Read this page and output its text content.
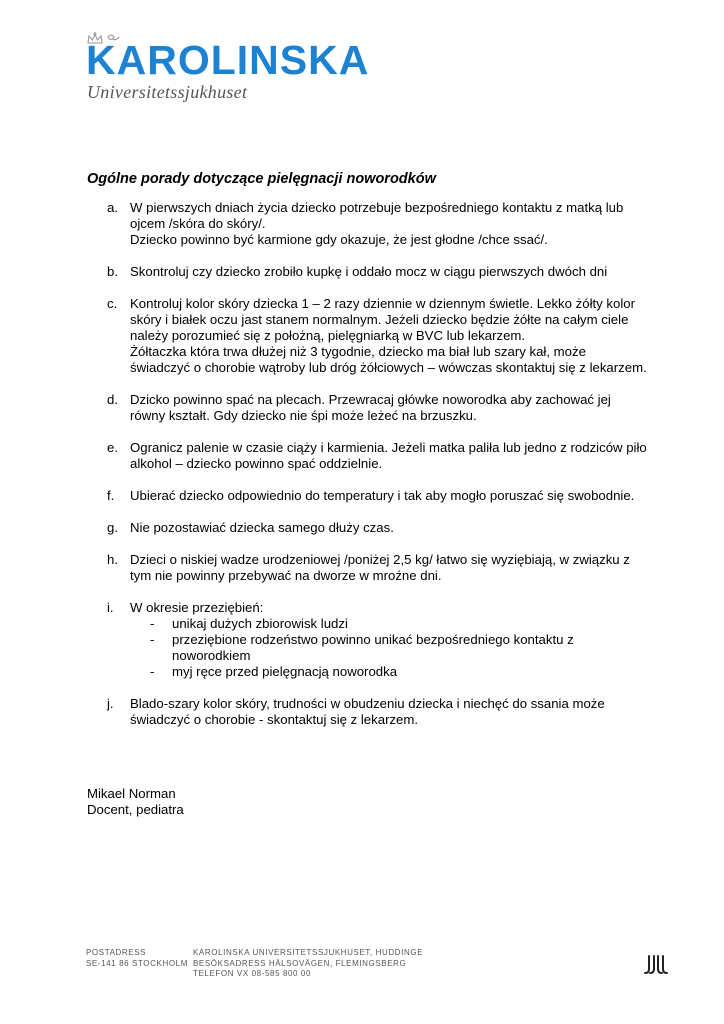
KAROLINSKA
Universitetssjukhuset
Ogólne porady dotyczące pielęgnacji noworodków
a. W pierwszych dniach życia dziecko potrzebuje bezpośredniego kontaktu z matką lub ojcem /skóra do skóry/.

Dziecko powinno być karmione gdy okazuje, że jest głodne /chce ssać/.

b. Skontroluj czy dziecko zrobiło kupkę i oddało mocz w ciągu pierwszych dwóch dni

c. Kontroluj kolor skóry dziecka 1 – 2 razy dziennie w dziennym świetle. Lekko żółty kolor skóry i białek oczu jast stanem normalnym. Jeżeli dziecko będzie żółte na całym ciele należy porozumieć się z położną, pielęgniarką w BVC lub lekarzem.

Żółtaczka która trwa dłużej niż 3 tygodnie, dziecko ma biał lub szary kał, może świadczyć o chorobie wątroby lub dróg żółciowych – wówczas skontaktuj się z lekarzem.

d. Dzicko powinno spać na plecach. Przewracaj główke noworodka aby zachować jej równy kształt. Gdy dziecko nie śpi może leżeć na brzuszku.

e. Ogranicz palenie w czasie ciąży i karmienia. Jeżeli matka paliła lub jedno z rodziców piło alkohol – dziecko powinno spać oddzielnie.

f. Ubierać dziecko odpowiednio do temperatury i tak aby mogło poruszać się swobodnie.

g. Nie pozostawiać dziecka samego dłuży czas.

h. Dzieci o niskiej wadze urodzeniowej /poniżej 2,5 kg/ łatwo się wyziębiają, w związku z tym nie powinny przebywać na dworze w mroźne dni.

i. W okresie przeziębień:

- unikaj dużych zbiorowisk ludzi
- przeziębione rodzeństwo powinno unikać bezpośredniego kontaktu z noworodkiem
- myj ręce przed pielęgnacją noworodka
j. Blado-szary kolor skóry, trudności w obudzeniu dziecka i niechęć do ssania może świadczyć o chorobie - skontaktuj się z lekarzem.

Mikael Norman
Docent, pediatra
POSTADRESS
SE-141 86 STOCKHOLM
KAROLINSKA UNIVERSITETSSJUKHUSET, HUDDINGE
BESÖKSADRESS HÄLSOVÄGEN, FLEMINGSBERG
TELEFON VX 08-585 800 00
